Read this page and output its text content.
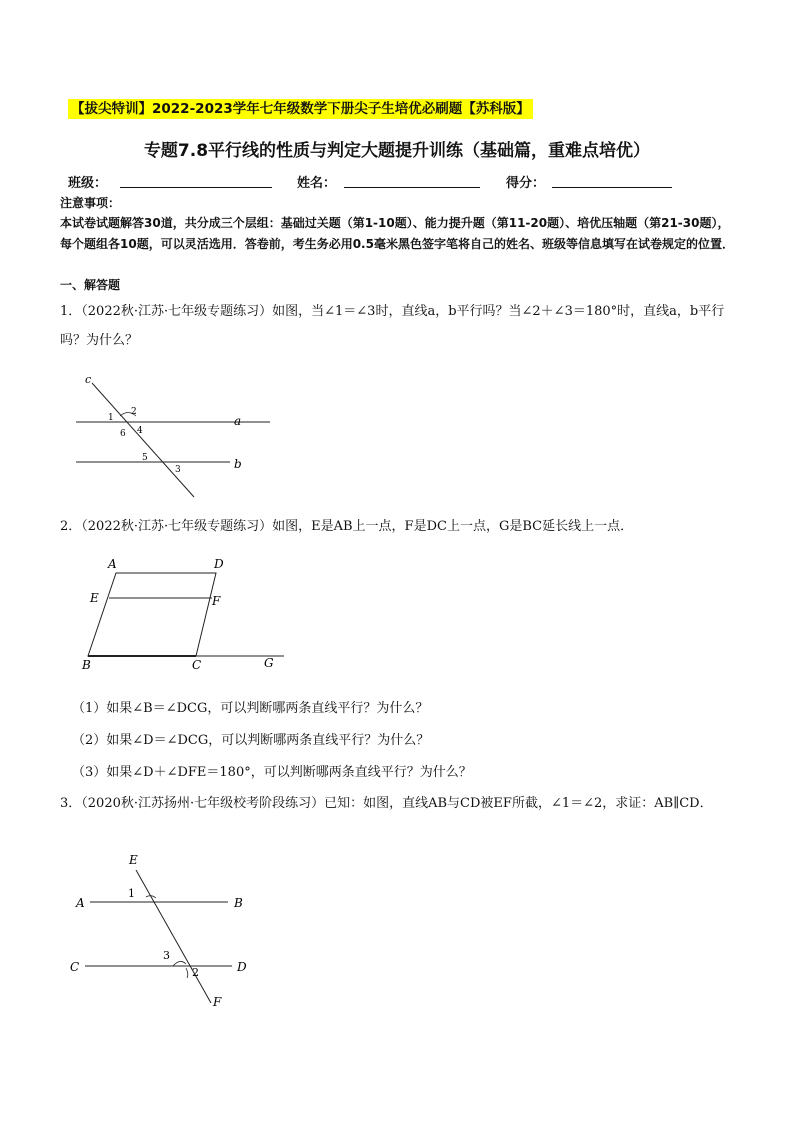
【拔尖特训】2022-2023学年七年级数学下册尖子生培优必刷题【苏科版】
专题7.8平行线的性质与判定大题提升训练（基础篇，重难点培优）
班级：	姓名：	得分：
注意事项：
本试卷试题解答30道，共分成三个层组：基础过关题（第1-10题）、能力提升题（第11-20题）、培优压轴题（第21-30题），每个题组各10题，可以灵活选用．答卷前，考生务必用0.5毫米黑色签字笔将自己的姓名、班级等信息填写在试卷规定的位置．
一、解答题
1．（2022秋·江苏·七年级专题练习）如图，当∠1＝∠3时，直线a，b平行吗？当∠2＋∠3＝180°时，直线a，b平行吗？为什么？
c
1
2
6 4
5
3
a
b
2．（2022秋·江苏·七年级专题练习）如图，E是AB上一点，F是DC上一点，G是BC延长线上一点．
A	D
E	F
B	C	G
（1）如果∠B＝∠DCG，可以判断哪两条直线平行？为什么？
（2）如果∠D＝∠DCG，可以判断哪两条直线平行？为什么？
（3）如果∠D＋∠DFE＝180°，可以判断哪两条直线平行？为什么？
3．（2020秋·江苏扬州·七年级校考阶段练习）已知：如图，直线AB与CD被EF所截，∠1＝∠2，求证：AB∥CD．
E
A	B
C	D
F
1
3
2
